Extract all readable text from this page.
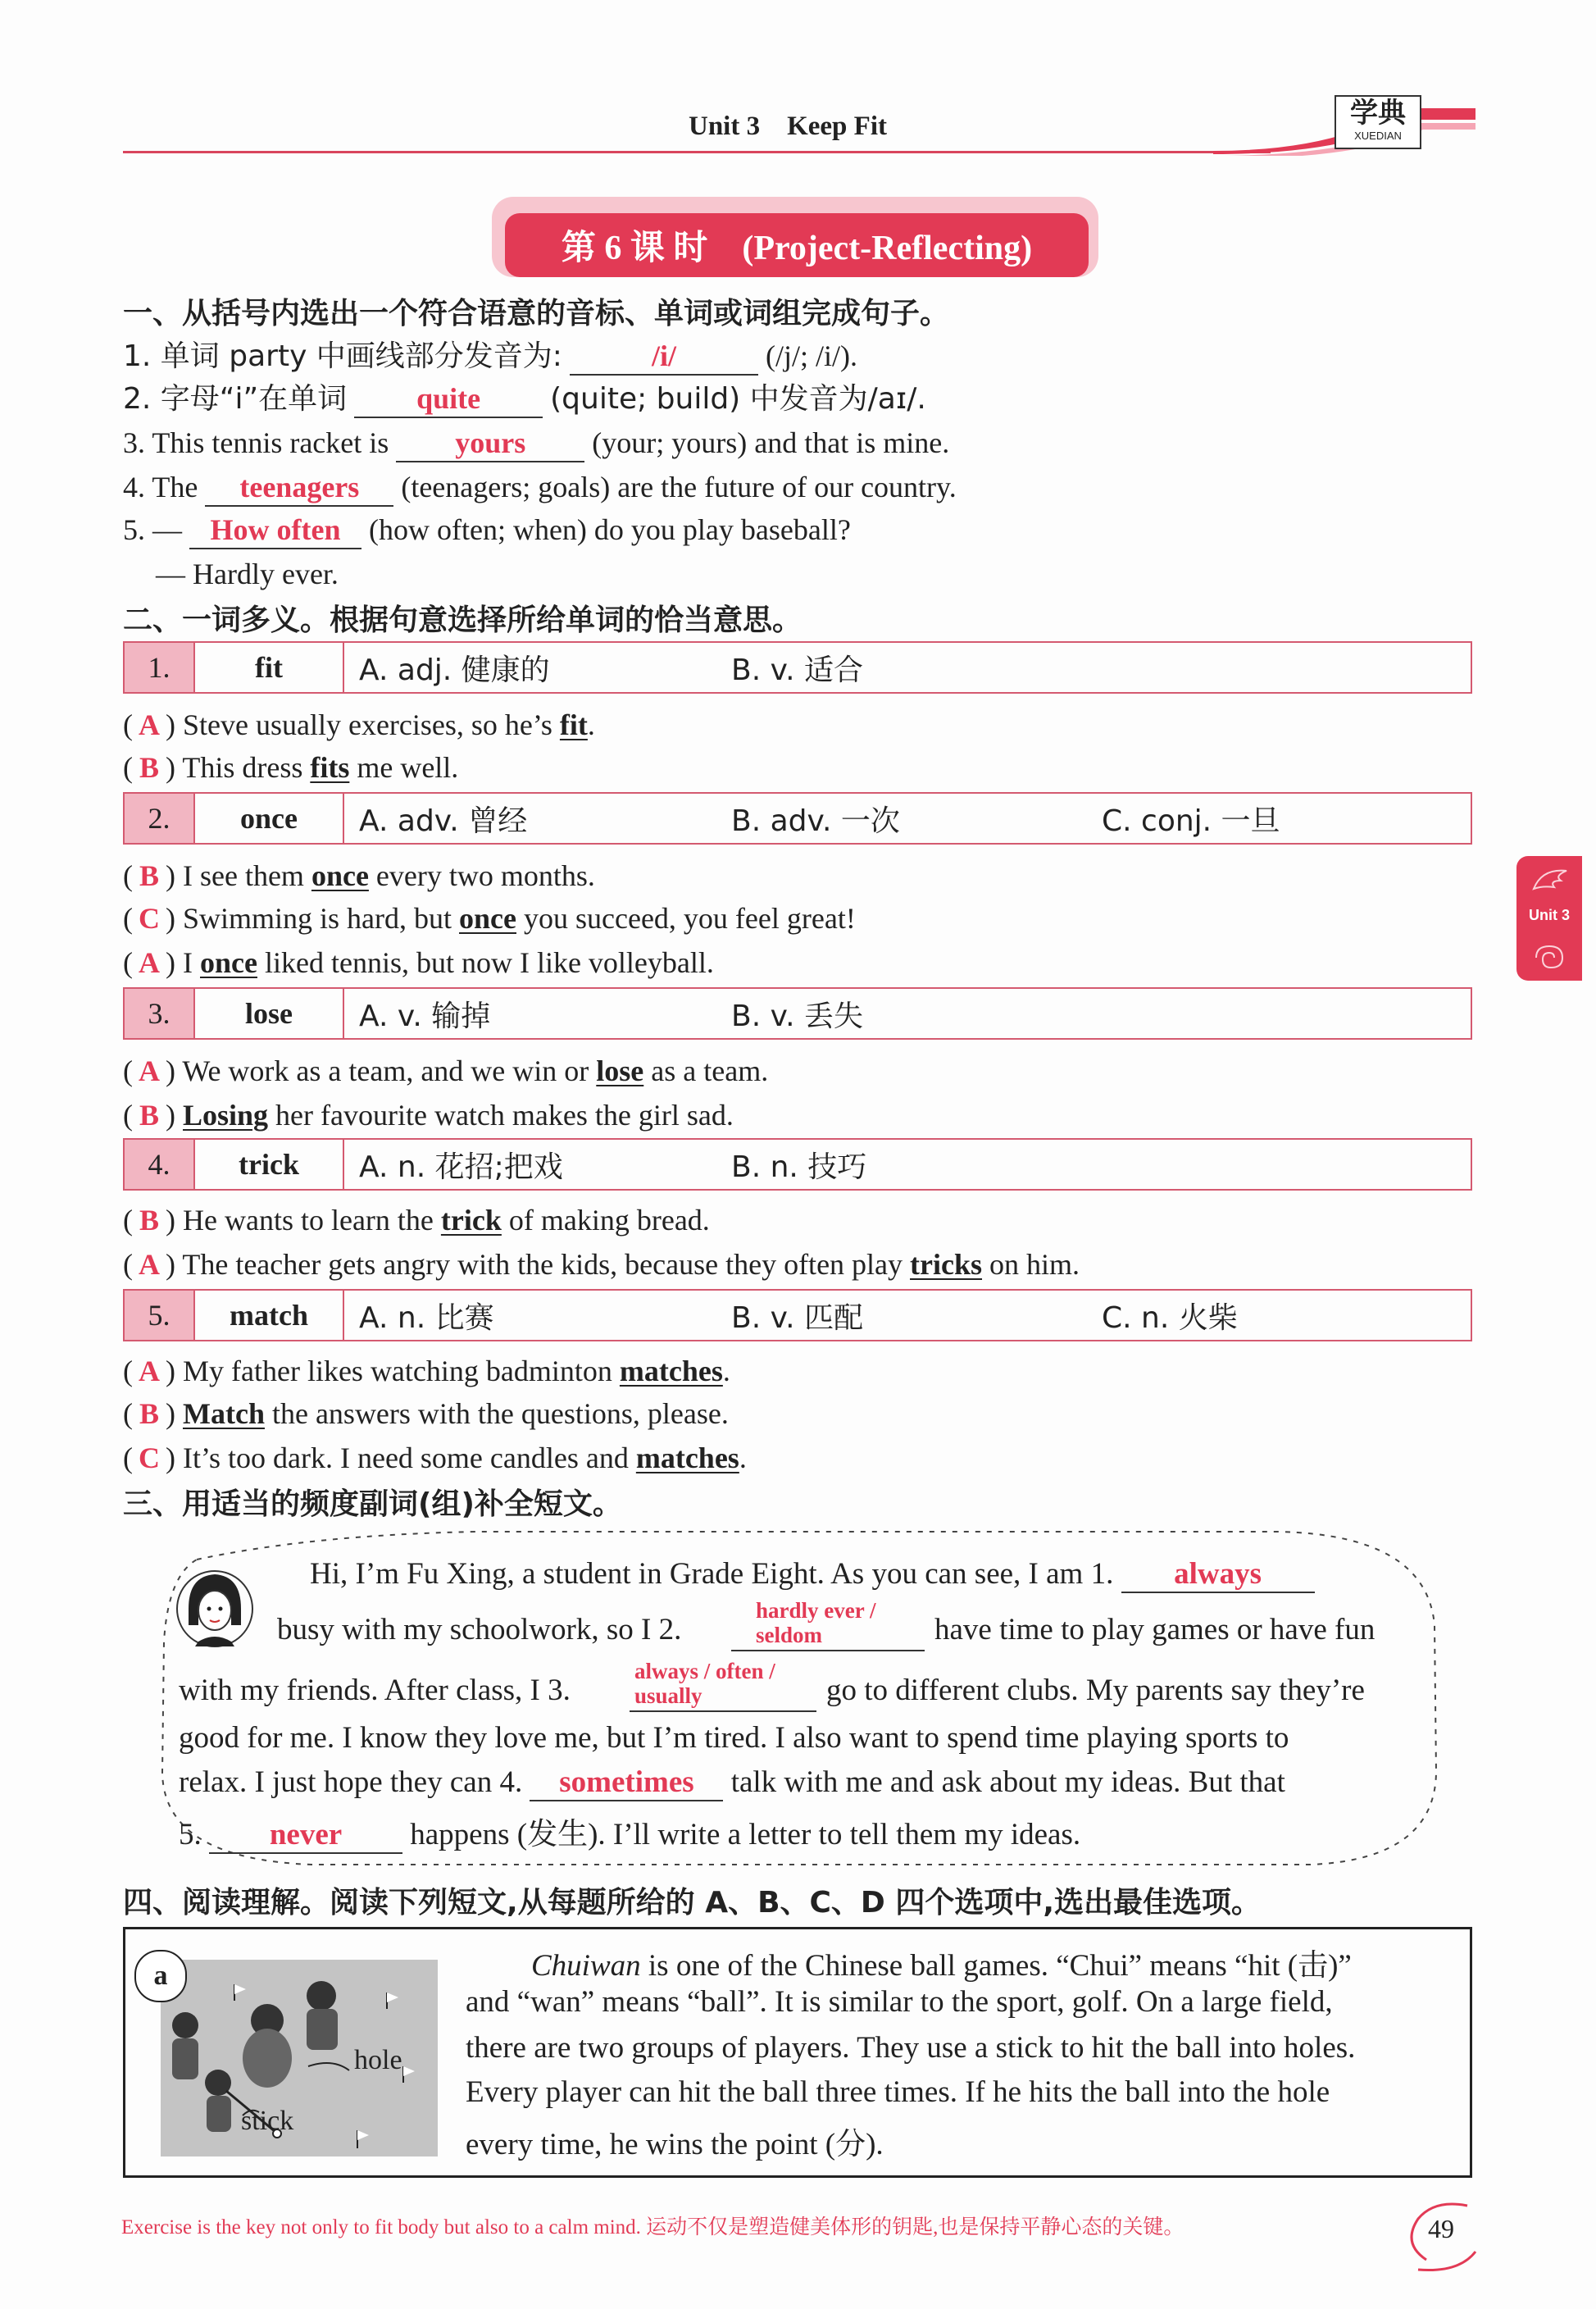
Unit 3    Keep Fit	学典
XUEDIAN
第 6 课 时    (Project-Reflecting)
一、从括号内选出一个符合语意的音标、单词或词组完成句子。
1. 单词 party 中画线部分发音为:	/i/	(/j/; /i/).
2. 字母“i”在单词 quite (quite; build) 中发音为/aɪ/.
3. This tennis racket is yours (your; yours) and that is mine.
4. The teenagers (teenagers; goals) are the future of our country.
5. — How often (how often; when) do you play baseball?
— Hardly ever.
二、一词多义。根据句意选择所给单词的恰当意思。
1.	fit	A. adj. 健康的	B. v. 适合
( A ) Steve usually exercises, so he’s fit.
( B ) This dress fits me well.
2.	once	A. adv. 曾经	B. adv. 一次	C. conj. 一旦
( B ) I see them once every two months.
( C ) Swimming is hard, but once you succeed, you feel great!
( A ) I once liked tennis, but now I like volleyball.
3.	lose	A. v. 输掉	B. v. 丢失
( A ) We work as a team, and we win or lose as a team.
( B ) Losing her favourite watch makes the girl sad.
4.	trick	A. n. 花招;把戏	B. n. 技巧
( B ) He wants to learn the trick of making bread.
( A ) The teacher gets angry with the kids, because they often play tricks on him.
5.	match	A. n. 比赛	B. v. 匹配	C. n. 火柴
( A ) My father likes watching badminton matches.
( B ) Match the answers with the questions, please.
( C ) It’s too dark. I need some candles and matches.
三、用适当的频度副词(组)补全短文。
Hi, I’m Fu Xing, a student in Grade Eight. As you can see, I am 1. always
busy with my schoolwork, so I 2.
hardly ever /
seldom	have time to play games or have fun
with my friends. After class, I 3.
always / often /
usually	go to different clubs. My parents say they’re
good for me. I know they love me, but I’m tired. I also want to spend time playing sports to
relax. I just hope they can 4. sometimes talk with me and ask about my ideas. But that
5. never happens (发生). I’ll write a letter to tell them my ideas.
四、阅读理解。阅读下列短文,从每题所给的 A、B、C、D 四个选项中,选出最佳选项。
hole
stick
a	Chuiwan is one of the Chinese ball games. “Chui” means “hit (击)”
and “wan” means “ball”. It is similar to the sport, golf. On a large field,
there are two groups of players. They use a stick to hit the ball into holes.
Every player can hit the ball three times. If he hits the ball into the hole
every time, he wins the point (分).
Unit 3
Exercise is the key not only to fit body but also to a calm mind. 运动不仅是塑造健美体形的钥匙,也是保持平静心态的关键。	49
